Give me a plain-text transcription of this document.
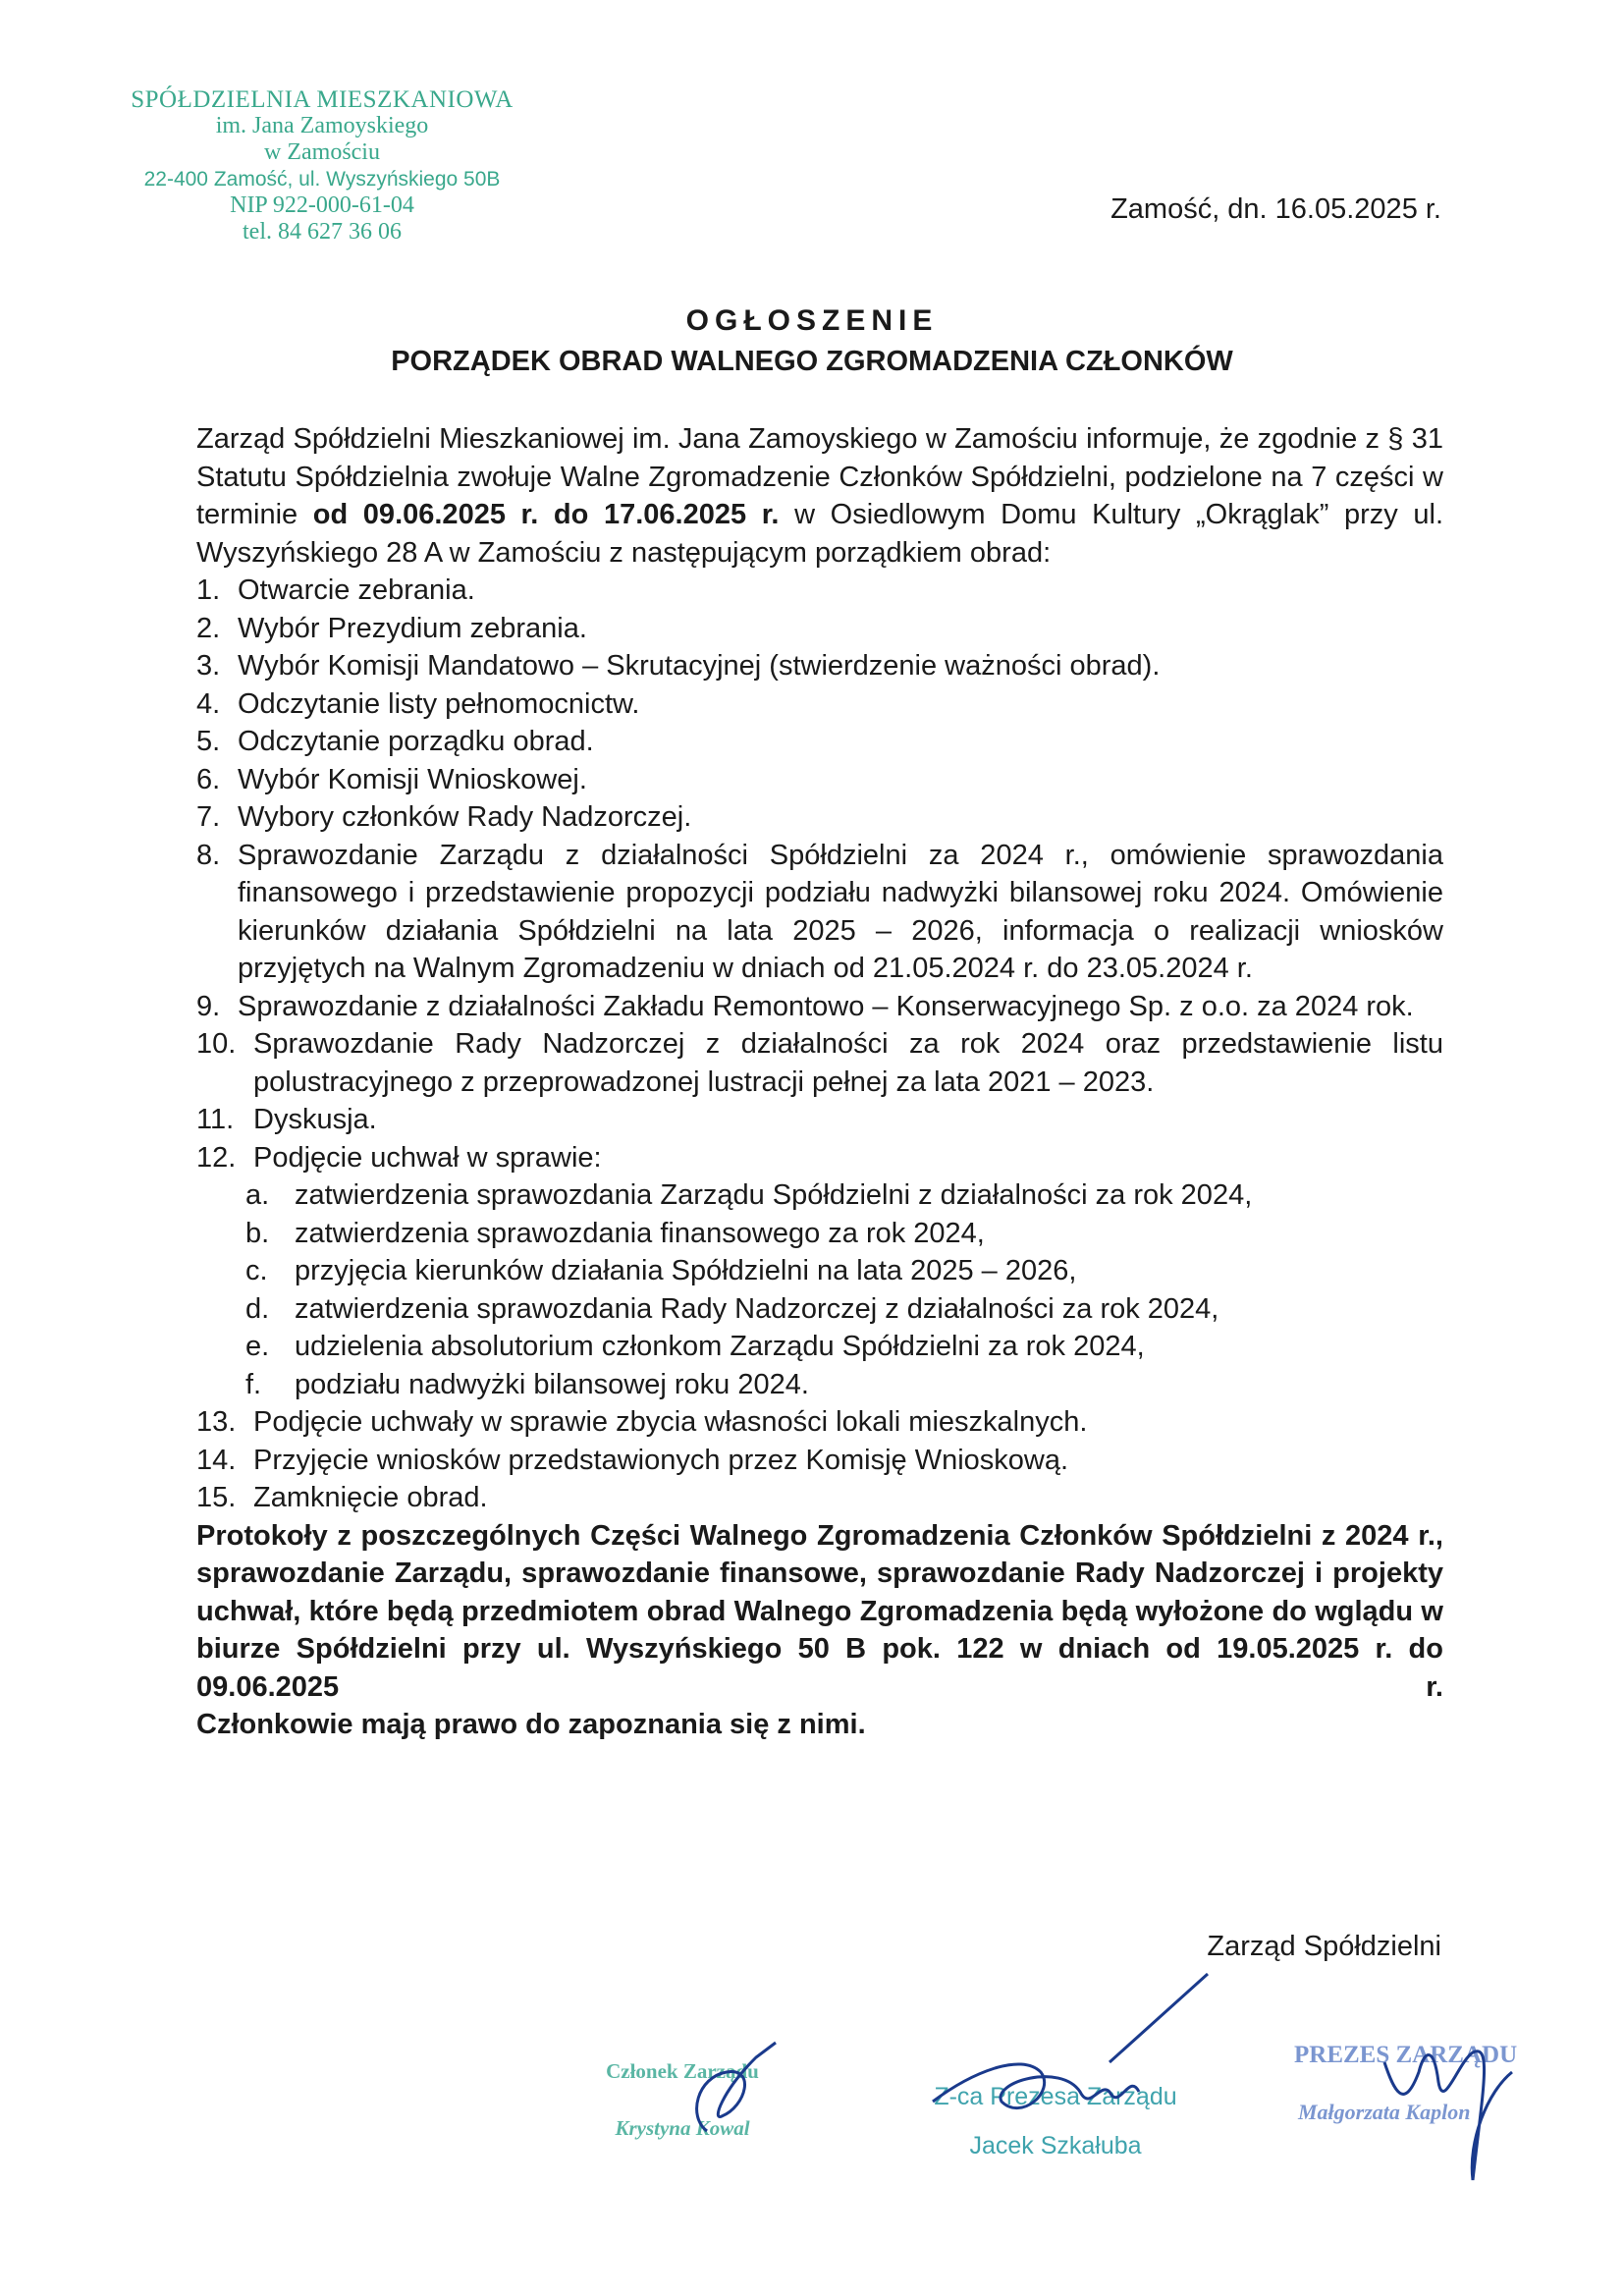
SPÓŁDZIELNIA MIESZKANIOWA
im. Jana Zamoyskiego
w Zamościu
22-400 Zamość, ul. Wyszyńskiego 50B
NIP 922-000-61-04
tel. 84 627 36 06
Zamość, dn. 16.05.2025 r.
OGŁOSZENIE
PORZĄDEK OBRAD WALNEGO ZGROMADZENIA CZŁONKÓW
Zarząd Spółdzielni Mieszkaniowej im. Jana Zamoyskiego w Zamościu informuje, że zgodnie z § 31 Statutu Spółdzielnia zwołuje Walne Zgromadzenie Członków Spółdzielni, podzielone na 7 części w terminie od 09.06.2025 r. do 17.06.2025 r. w Osiedlowym Domu Kultury „Okrąglak” przy ul. Wyszyńskiego 28 A w Zamościu z następującym porządkiem obrad:
1. Otwarcie zebrania.
2. Wybór Prezydium zebrania.
3. Wybór Komisji Mandatowo – Skrutacyjnej (stwierdzenie ważności obrad).
4. Odczytanie listy pełnomocnictw.
5. Odczytanie porządku obrad.
6. Wybór Komisji Wnioskowej.
7. Wybory członków Rady Nadzorczej.
8. Sprawozdanie Zarządu z działalności Spółdzielni za 2024 r., omówienie sprawozdania finansowego i przedstawienie propozycji podziału nadwyżki bilansowej roku 2024. Omówienie kierunków działania Spółdzielni na lata 2025 – 2026, informacja o realizacji wniosków przyjętych na Walnym Zgromadzeniu w dniach od 21.05.2024 r. do 23.05.2024 r.
9. Sprawozdanie z działalności Zakładu Remontowo – Konserwacyjnego Sp. z o.o. za 2024 rok.
10. Sprawozdanie Rady Nadzorczej z działalności za rok 2024 oraz przedstawienie listu polustracyjnego z przeprowadzonej lustracji pełnej za lata 2021 – 2023.
11. Dyskusja.
12. Podjęcie uchwał w sprawie:
a. zatwierdzenia sprawozdania Zarządu Spółdzielni z działalności za rok 2024,
b. zatwierdzenia sprawozdania finansowego za rok 2024,
c. przyjęcia kierunków działania Spółdzielni na lata 2025 – 2026,
d. zatwierdzenia sprawozdania Rady Nadzorczej z działalności za rok 2024,
e. udzielenia absolutorium członkom Zarządu Spółdzielni za rok 2024,
f.	podziału nadwyżki bilansowej roku 2024.
13. Podjęcie uchwały w sprawie zbycia własności lokali mieszkalnych.
14. Przyjęcie wniosków przedstawionych przez Komisję Wnioskową.
15. Zamknięcie obrad.
Protokoły z poszczególnych Części Walnego Zgromadzenia Członków Spółdzielni z 2024 r., sprawozdanie Zarządu, sprawozdanie finansowe, sprawozdanie Rady Nadzorczej i projekty uchwał, które będą przedmiotem obrad Walnego Zgromadzenia będą wyłożone do wglądu w biurze Spółdzielni przy ul. Wyszyńskiego 50 B pok. 122 w dniach od 19.05.2025 r. do 09.06.2025 r.
Członkowie mają prawo do zapoznania się z nimi.
Zarząd Spółdzielni
Członek Zarządu
Krystyna Kowal
Z-ca Prezesa Zarządu
Jacek Szkałuba
PREZES ZARZĄDU
Małgorzata Kaplon
